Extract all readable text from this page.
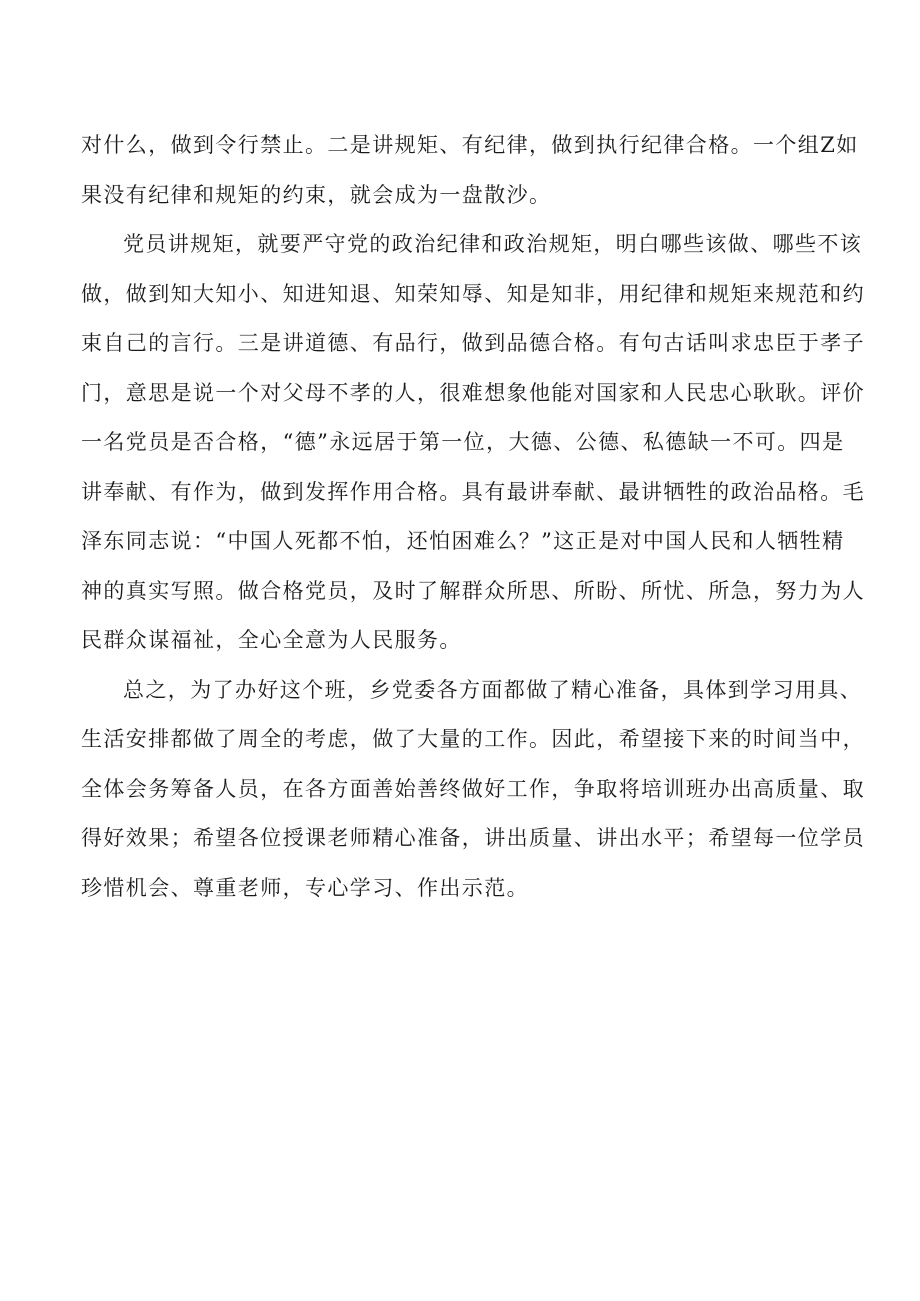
对什么，做到令行禁止。二是讲规矩、有纪律，做到执行纪律合格。一个组Z如
果没有纪律和规矩的约束，就会成为一盘散沙。
党员讲规矩，就要严守党的政治纪律和政治规矩，明白哪些该做、哪些不该
做，做到知大知小、知进知退、知荣知辱、知是知非，用纪律和规矩来规范和约
束自己的言行。三是讲道德、有品行，做到品德合格。有句古话叫求忠臣于孝子
门，意思是说一个对父母不孝的人，很难想象他能对国家和人民忠心耿耿。评价
一名党员是否合格，“德”永远居于第一位，大德、公德、私德缺一不可。四是
讲奉献、有作为，做到发挥作用合格。具有最讲奉献、最讲牺牲的政治品格。毛
泽东同志说：“中国人死都不怕，还怕困难么？”这正是对中国人民和人牺牲精
神的真实写照。做合格党员，及时了解群众所思、所盼、所忧、所急，努力为人
民群众谋福祉，全心全意为人民服务。
总之，为了办好这个班，乡党委各方面都做了精心准备，具体到学习用具、
生活安排都做了周全的考虑，做了大量的工作。因此，希望接下来的时间当中，
全体会务筹备人员，在各方面善始善终做好工作，争取将培训班办出高质量、取
得好效果；希望各位授课老师精心准备，讲出质量、讲出水平；希望每一位学员
珍惜机会、尊重老师，专心学习、作出示范。
